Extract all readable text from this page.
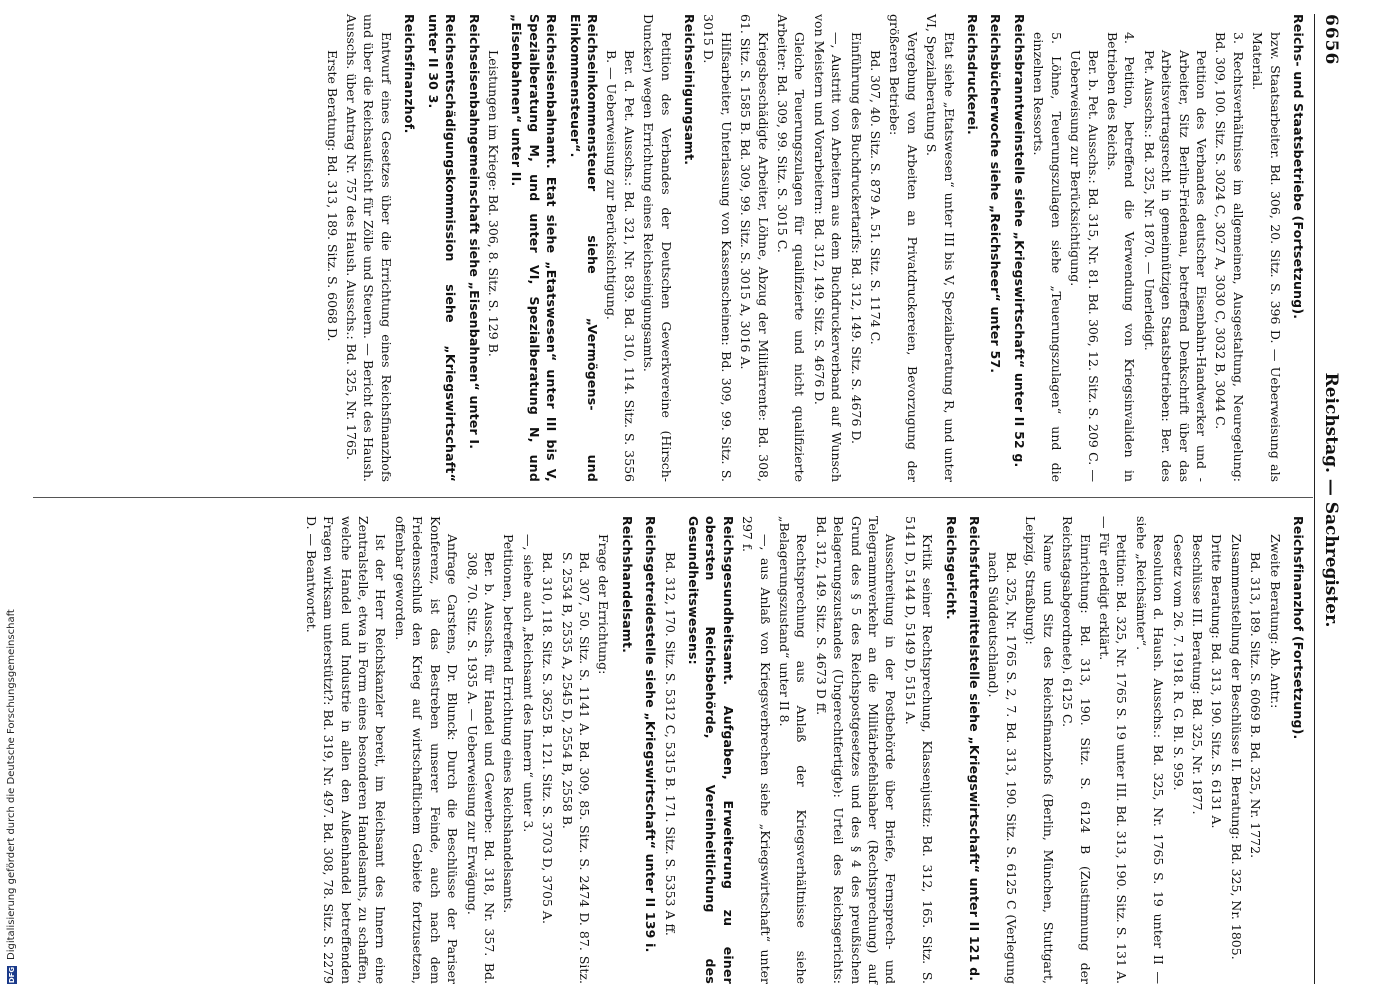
6656
Reichstag. — Sachregister.
Reichs- und Staatsbetriebe (Fortsetzung).
bzw. Staatsarbeiter. Bd. 306, 20. Sitz. S. 396 D. — Ueberweisung als Material.
3. Rechtsverhältnisse im allgemeinen, Ausgestaltung, Neuregelung: Bd. 309, 100. Sitz. S. 3024 C, 3027 A, 3030 C, 3032 B, 3044 C.
Petition des Verbandes deutscher Eisenbahn-Handwerker und -Arbeiter, Sitz Berlin-Friedenau, betreffend Denkschrift über das Arbeitsvertragsrecht in gemeinnützigen Staatsbetrieben: Ber. des Pet. Ausschs.: Bd. 325, Nr. 1870. — Unerledigt.
4. Petition, betreffend die Verwendung von Kriegsinvaliden in Betrieben des Reichs.
Ber. b. Pet. Ausschs.: Bd. 315, Nr. 81. Bd. 306, 12. Sitz. S. 209 C. — Ueberweisung zur Berücksichtigung.
5. Löhne, Teuerungszulagen siehe „Teuerungszulagen“ und die einzelnen Ressorts.
Reichsbranntweinstelle siehe „Kriegswirtschaft“ unter II 52 g.
Reichsbücherwoche siehe „Reichsheer“ unter 57.
Reichsdruckerei.
Etat siehe „Etatswesen“ unter III bis V, Spezialberatung R, und unter VI, Spezialberatung S.
Vergebung von Arbeiten an Privatdruckereien, Bevorzugung der größeren Betriebe:
Bd. 307, 40. Sitz. S. 879 A. 51. Sitz. S. 1174 C.
Einführung des Buchdruckertarifs: Bd. 312, 149. Sitz. S. 4676 D.
—, Austritt von Arbeitern aus dem Buchdruckerverband auf Wunsch von Meistern und Vorarbeitern: Bd. 312, 149. Sitz. S. 4676 D.
Gleiche Teuerungszulagen für qualifizierte und nicht qualifizierte Arbeiter: Bd. 309, 99. Sitz. S. 3015 C.
Kriegsbeschädigte Arbeiter, Löhne, Abzug der Militärrente: Bd. 308, 61. Sitz. S. 1585 B. Bd. 309, 99. Sitz. S. 3015 A, 3016 A.
Hilfsarbeiter, Unterlassung von Kassenscheinen: Bd. 309, 99. Sitz. S. 3015 D.
Reichseinigungsamt.
Petition des Verbandes der Deutschen Gewerkvereine (Hirsch-Duncker) wegen Errichtung eines Reichseinigungsamts.
Ber. d. Pet. Ausschs.: Bd. 321, Nr. 839. Bd. 310, 114. Sitz. S. 3556 B. — Ueberweisung zur Berücksichtigung.
Reichseinkommensteuer siehe „Vermögens- und Einkommensteuer“.
Reichseisenbahnamt. Etat siehe „Etatswesen“ unter III bis V, Spezialberatung M, und unter VI, Spezialberatung N, und „Eisenbahnen“ unter II.
Leistungen im Kriege: Bd. 306, 8. Sitz. S. 129 B.
Reichseisenbahngemeinschaft siehe „Eisenbahnen“ unter I.
Reichsentschädigungskommission siehe „Kriegswirtschaft“ unter II 30 3.
Reichsfinanzhof.
Entwurf eines Gesetzes über die Errichtung eines Reichsfinanzhofs und über die Reichsaufsicht für Zölle und Steuern. — Bericht des Haush. Ausschs. über Antrag Nr. 757 des Haush. Ausschs.: Bd. 325, Nr. 1765.
Erste Beratung: Bd. 313, 189. Sitz. S. 6068 D.
Reichsfinanzhof (Fortsetzung).
Zweite Beratung: Ab. Antr.:
Bd. 313, 189. Sitz. S. 6069 B. Bd. 325, Nr. 1772.
Zusammenstellung der Beschlüsse II. Beratung: Bd. 325, Nr. 1805.
Dritte Beratung: Bd. 313, 190. Sitz. S. 6131 A.
Beschlüsse III. Beratung: Bd. 325, Nr. 1877.
Gesetz vom 26. 7. 1918. R. G. Bl. S. 959.
Resolution d. Haush. Ausschs.: Bd. 325, Nr. 1765 S. 19 unter II — siehe „Reichsämter“.
Petition: Bd. 325, Nr. 1765 S. 19 unter III. Bd. 313, 190. Sitz. S. 131 A. — Für erledigt erklärt.
Einrichtung: Bd. 313, 190. Sitz. S. 6124 B (Zustimmung der Reichstagsabgeordnete). 6125 C.
Name und Sitz des Reichsfinanzhofs (Berlin, München, Stuttgart, Leipzig, Straßburg):
Bd. 325, Nr. 1765 S. 2, 7. Bd. 313, 190. Sitz. S. 6125 C (Verlegung nach Süddeutschland).
Reichsfuttermittelstelle siehe „Kriegswirtschaft“ unter II 121 d.
Reichsgericht.
Kritik seiner Rechtsprechung, Klassenjustiz: Bd. 312, 165. Sitz. S. 5141 D, 5144 D, 5149 D, 5151 A.
Ausschreitung in der Postbehörde über Briefe, Fernsprech- und Telegrammverkehr an die Militärbefehlshaber (Rechtsprechung) auf Grund des § 5 des Reichspostgesetzes und des § 4 des preußischen Belagerungszustandes (Ungerechtfertigte): Urteil des Reichsgerichts: Bd. 312, 149. Sitz. S. 4673 D ff.
Rechtsprechung aus Anlaß der Kriegsverhältnisse siehe „Belagerungszustand“ unter II 8.
—, aus Anlaß von Kriegsverbrechen siehe „Kriegswirtschaft“ unter 297 f.
Reichsgesundheitsamt. Aufgaben, Erweiterung zu einer obersten Reichsbehörde, Vereinheitlichung des Gesundheitswesens:
Bd. 312, 170. Sitz. S. 5312 C, 5315 B. 171. Sitz. S. 5353 A ff.
Reichsgetreidestelle siehe „Kriegswirtschaft“ unter II 139 i.
Reichshandelsamt.
Frage der Errichtung:
Bd. 307, 50. Sitz. S. 1141 A. Bd. 309, 85. Sitz. S. 2474 D. 87. Sitz. S. 2534 B, 2535 A, 2545 D, 2554 B, 2558 B.
Bd. 310, 118. Sitz. S. 3625 B. 121. Sitz. S. 3703 D, 3705 A.
—, siehe auch „Reichsamt des Innern“ unter 3.
Petitionen, betreffend Errichtung eines Reichshandelsamts.
Ber. b. Ausschs. für Handel und Gewerbe: Bd. 318, Nr. 357. Bd. 308, 70. Sitz. S. 1935 A. — Ueberweisung zur Erwägung.
Anfrage Carstens, Dr. Blunck: Durch die Beschlüsse der Pariser Konferenz, ist das Bestreben unserer Feinde, auch nach dem Friedensschluß den Krieg auf wirtschaftlichem Gebiete fortzusetzen, offenbar geworden.
Ist der Herr Reichskanzler bereit, im Reichsamt des Innern eine Zentralstelle, etwa in Form eines besonderen Handelsamts, zu schaffen, welche Handel und Industrie in allen den Außenhandel betreffenden Fragen wirksam unterstützt?: Bd. 319, Nr. 497. Bd. 308, 78. Sitz. S. 2279 D. — Beantwortet.
DFG
Digitalisierung gefördert durch die Deutsche Forschungsgemeinschaft
